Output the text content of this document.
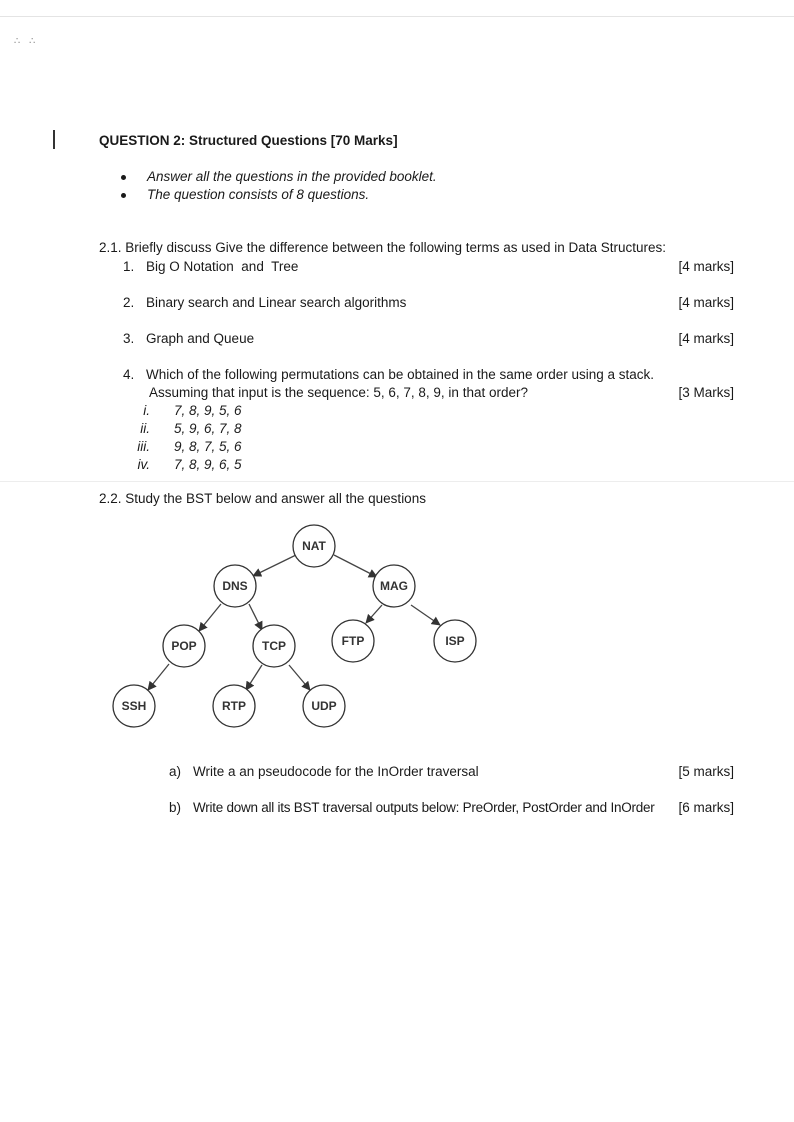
∴ ∴
QUESTION 2: Structured Questions [70 Marks]
Answer all the questions in the provided booklet.
The question consists of 8 questions.
2.1. Briefly discuss Give the difference between the following terms as used in Data Structures:
1. Big O Notation  and  Tree	[4 marks]
2. Binary search and Linear search algorithms	[4 marks]
3. Graph and Queue	[4 marks]
4. Which of the following permutations can be obtained in the same order using a stack.
Assuming that input is the sequence: 5, 6, 7, 8, 9, in that order?	[3 Marks]
i. 7, 8, 9, 5, 6
ii. 5, 9, 6, 7, 8
iii. 9, 8, 7, 5, 6
iv. 7, 8, 9, 6, 5
2.2. Study the BST below and answer all the questions
NAT
DNS	MAG
POP	TCP	FTP	ISP
SSH	RTP	UDP
a) Write a an pseudocode for the InOrder traversal	[5 marks]
b) Write down all its BST traversal outputs below: PreOrder, PostOrder and InOrder [6 marks]
